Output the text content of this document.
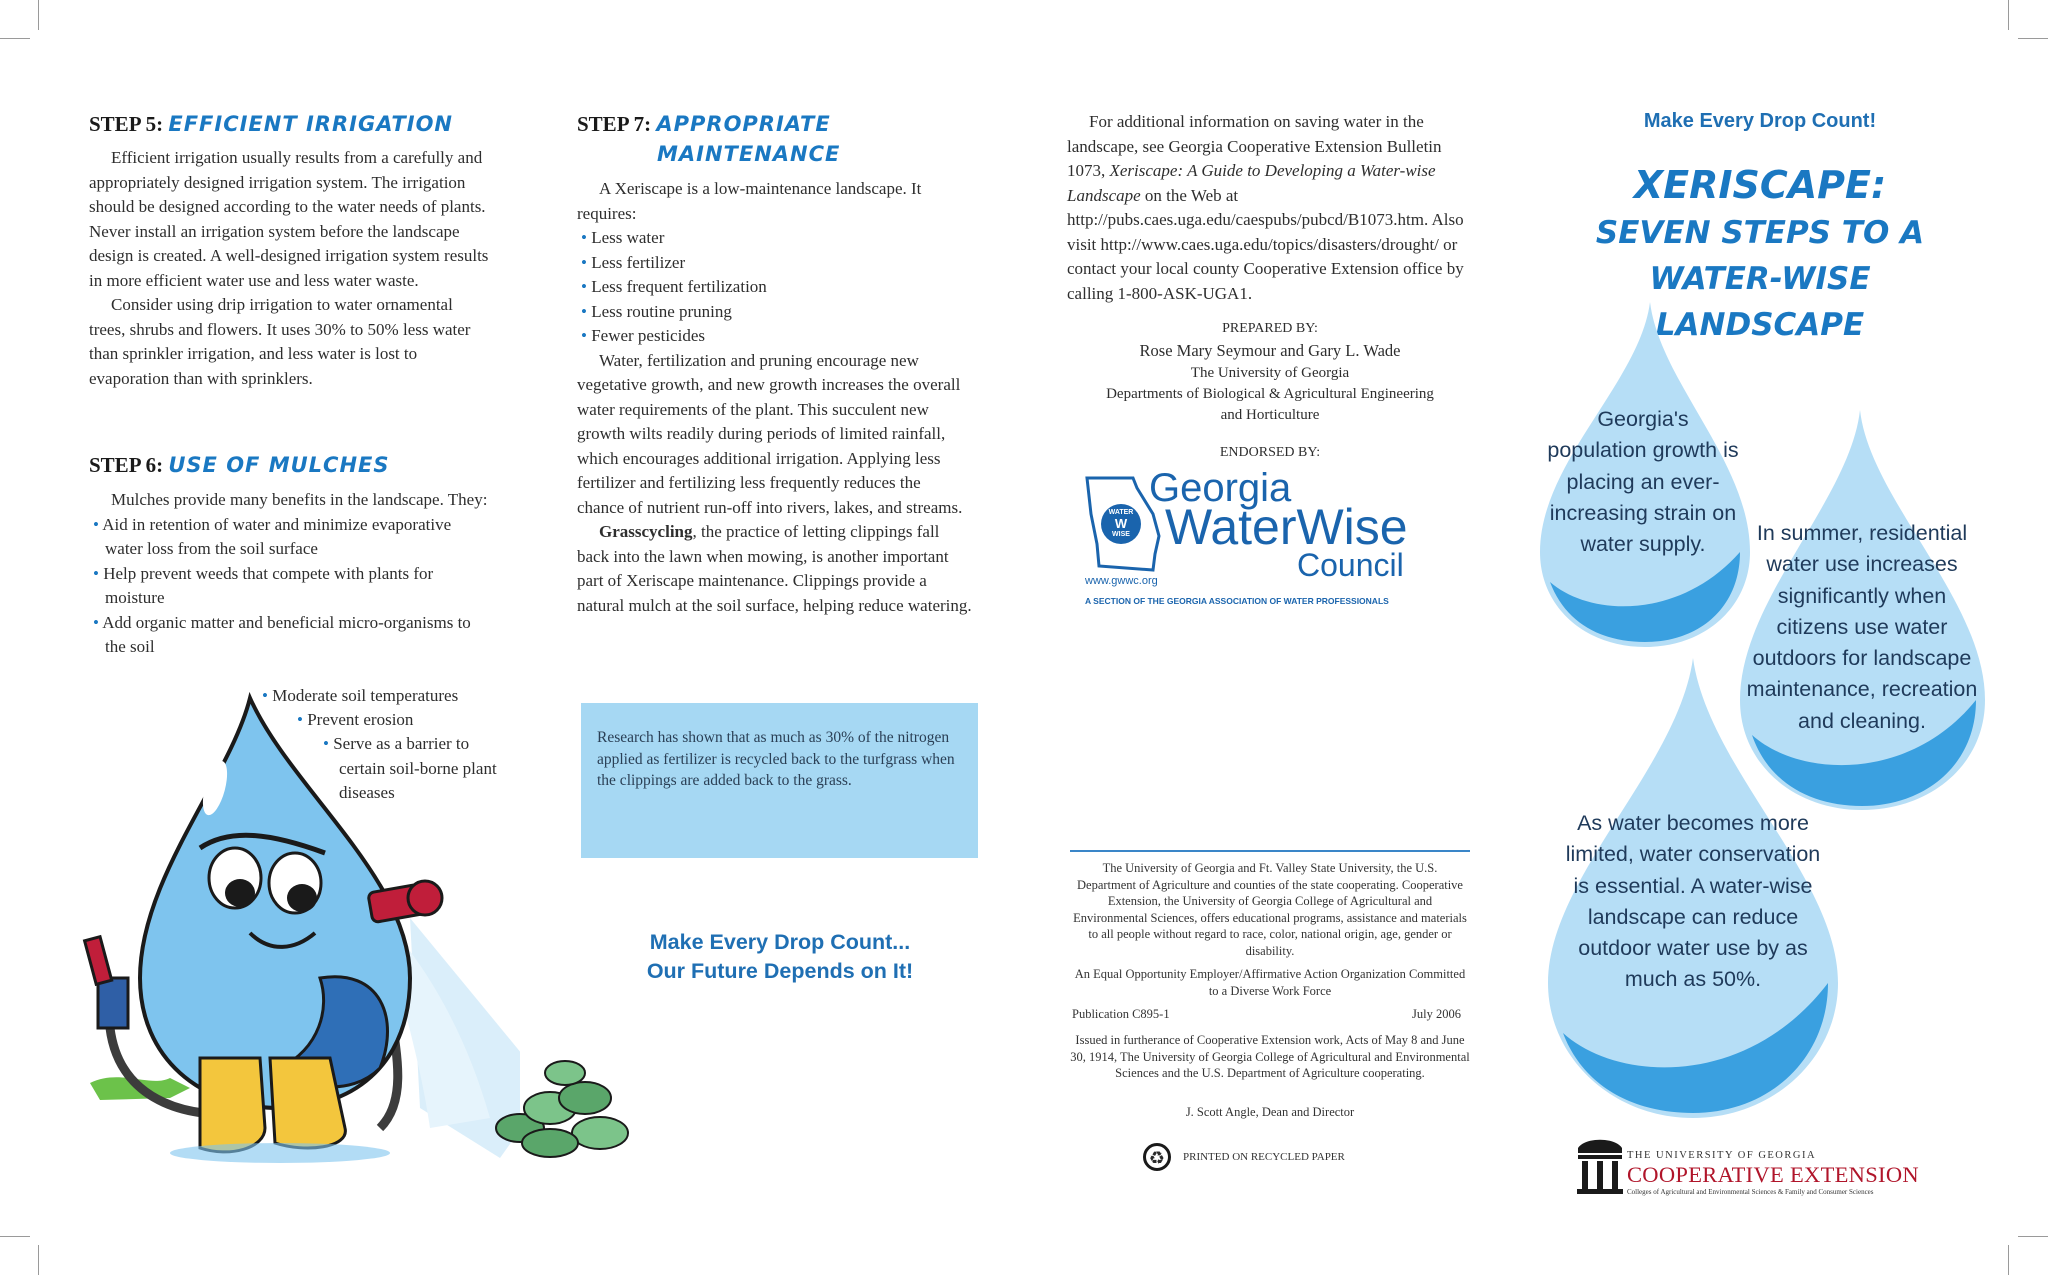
STEP 5: EFFICIENT IRRIGATION

Efficient irrigation usually results from a carefully and appropriately designed irrigation system. The irrigation should be designed according to the water needs of plants. Never install an irrigation system before the landscape design is created. A well-designed irrigation system results in more efficient water use and less water waste.

Consider using drip irrigation to water ornamental trees, shrubs and flowers. It uses 30% to 50% less water than sprinkler irrigation, and less water is lost to evaporation than with sprinklers.

STEP 6: USE OF MULCHES

Mulches provide many benefits in the landscape. They:

• Aid in retention of water and minimize evaporative water loss from the soil surface
• Help prevent weeds that compete with plants for moisture
• Add organic matter and beneficial micro-organisms to the soil
• Moderate soil temperatures
• Prevent erosion
• Serve as a barrier to certain soil-borne plant diseases
STEP 7: APPROPRIATE
MAINTENANCE

A Xeriscape is a low-maintenance landscape. It requires:

• Less water
• Less fertilizer
• Less frequent fertilization
• Less routine pruning
• Fewer pesticides

Water, fertilization and pruning encourage new vegetative growth, and new growth increases the overall water requirements of the plant. This succulent new growth wilts readily during periods of limited rainfall, which encourages additional irrigation. Applying less fertilizer and fertilizing less frequently reduces the chance of nutrient run-off into rivers, lakes, and streams.

Grasscycling, the practice of letting clippings fall back into the lawn when mowing, is another important part of Xeriscape maintenance. Clippings provide a natural mulch at the soil surface, helping reduce watering.

Research has shown that as much as 30% of the nitrogen applied as fertilizer is recycled back to the turfgrass when the clippings are added back to the grass.
Make Every Drop Count...
Our Future Depends on It!

For additional information on saving water in the landscape, see Georgia Cooperative Extension Bulletin 1073, Xeriscape: A Guide to Developing a Water-wise Landscape on the Web at http://pubs.caes.uga.edu/caespubs/pubcd/B1073.htm. Also visit http://www.caes.uga.edu/topics/disasters/drought/ or contact your local county Cooperative Extension office by calling 1-800-ASK-UGA1.

PREPARED BY:
Rose Mary Seymour and Gary L. Wade
The University of Georgia
Departments of Biological & Agricultural Engineering
and Horticulture
ENDORSED BY:
WATER
W
WISE
Georgia
WaterWise
Council
www.gwwc.org
A SECTION OF THE GEORGIA ASSOCIATION OF WATER PROFESSIONALS
The University of Georgia and Ft. Valley State University, the U.S. Department of Agriculture and counties of the state cooperating. Cooperative Extension, the University of Georgia College of Agricultural and Environmental Sciences, offers educational programs, assistance and materials to all people without regard to race, color, national origin, age, gender or disability.
An Equal Opportunity Employer/Affirmative Action Organization Committed to a Diverse Work Force
Publication C895-1	July 2006
Issued in furtherance of Cooperative Extension work, Acts of May 8 and June 30, 1914, The University of Georgia College of Agricultural and Environmental Sciences and the U.S. Department of Agriculture cooperating.
J. Scott Angle, Dean and Director
♻	PRINTED ON RECYCLED PAPER
Make Every Drop Count!
XERISCAPE:
SEVEN STEPS TO A
WATER-WISE LANDSCAPE
Georgia's population growth is placing an ever-increasing strain on water supply.	In summer, residential water use increases significantly when citizens use water outdoors for landscape maintenance, recreation and cleaning.
As water becomes more limited, water conservation is essential. A water-wise landscape can reduce outdoor water use by as much as 50%.
THE UNIVERSITY OF GEORGIA
COOPERATIVE EXTENSION
Colleges of Agricultural and Environmental Sciences & Family and Consumer Sciences
